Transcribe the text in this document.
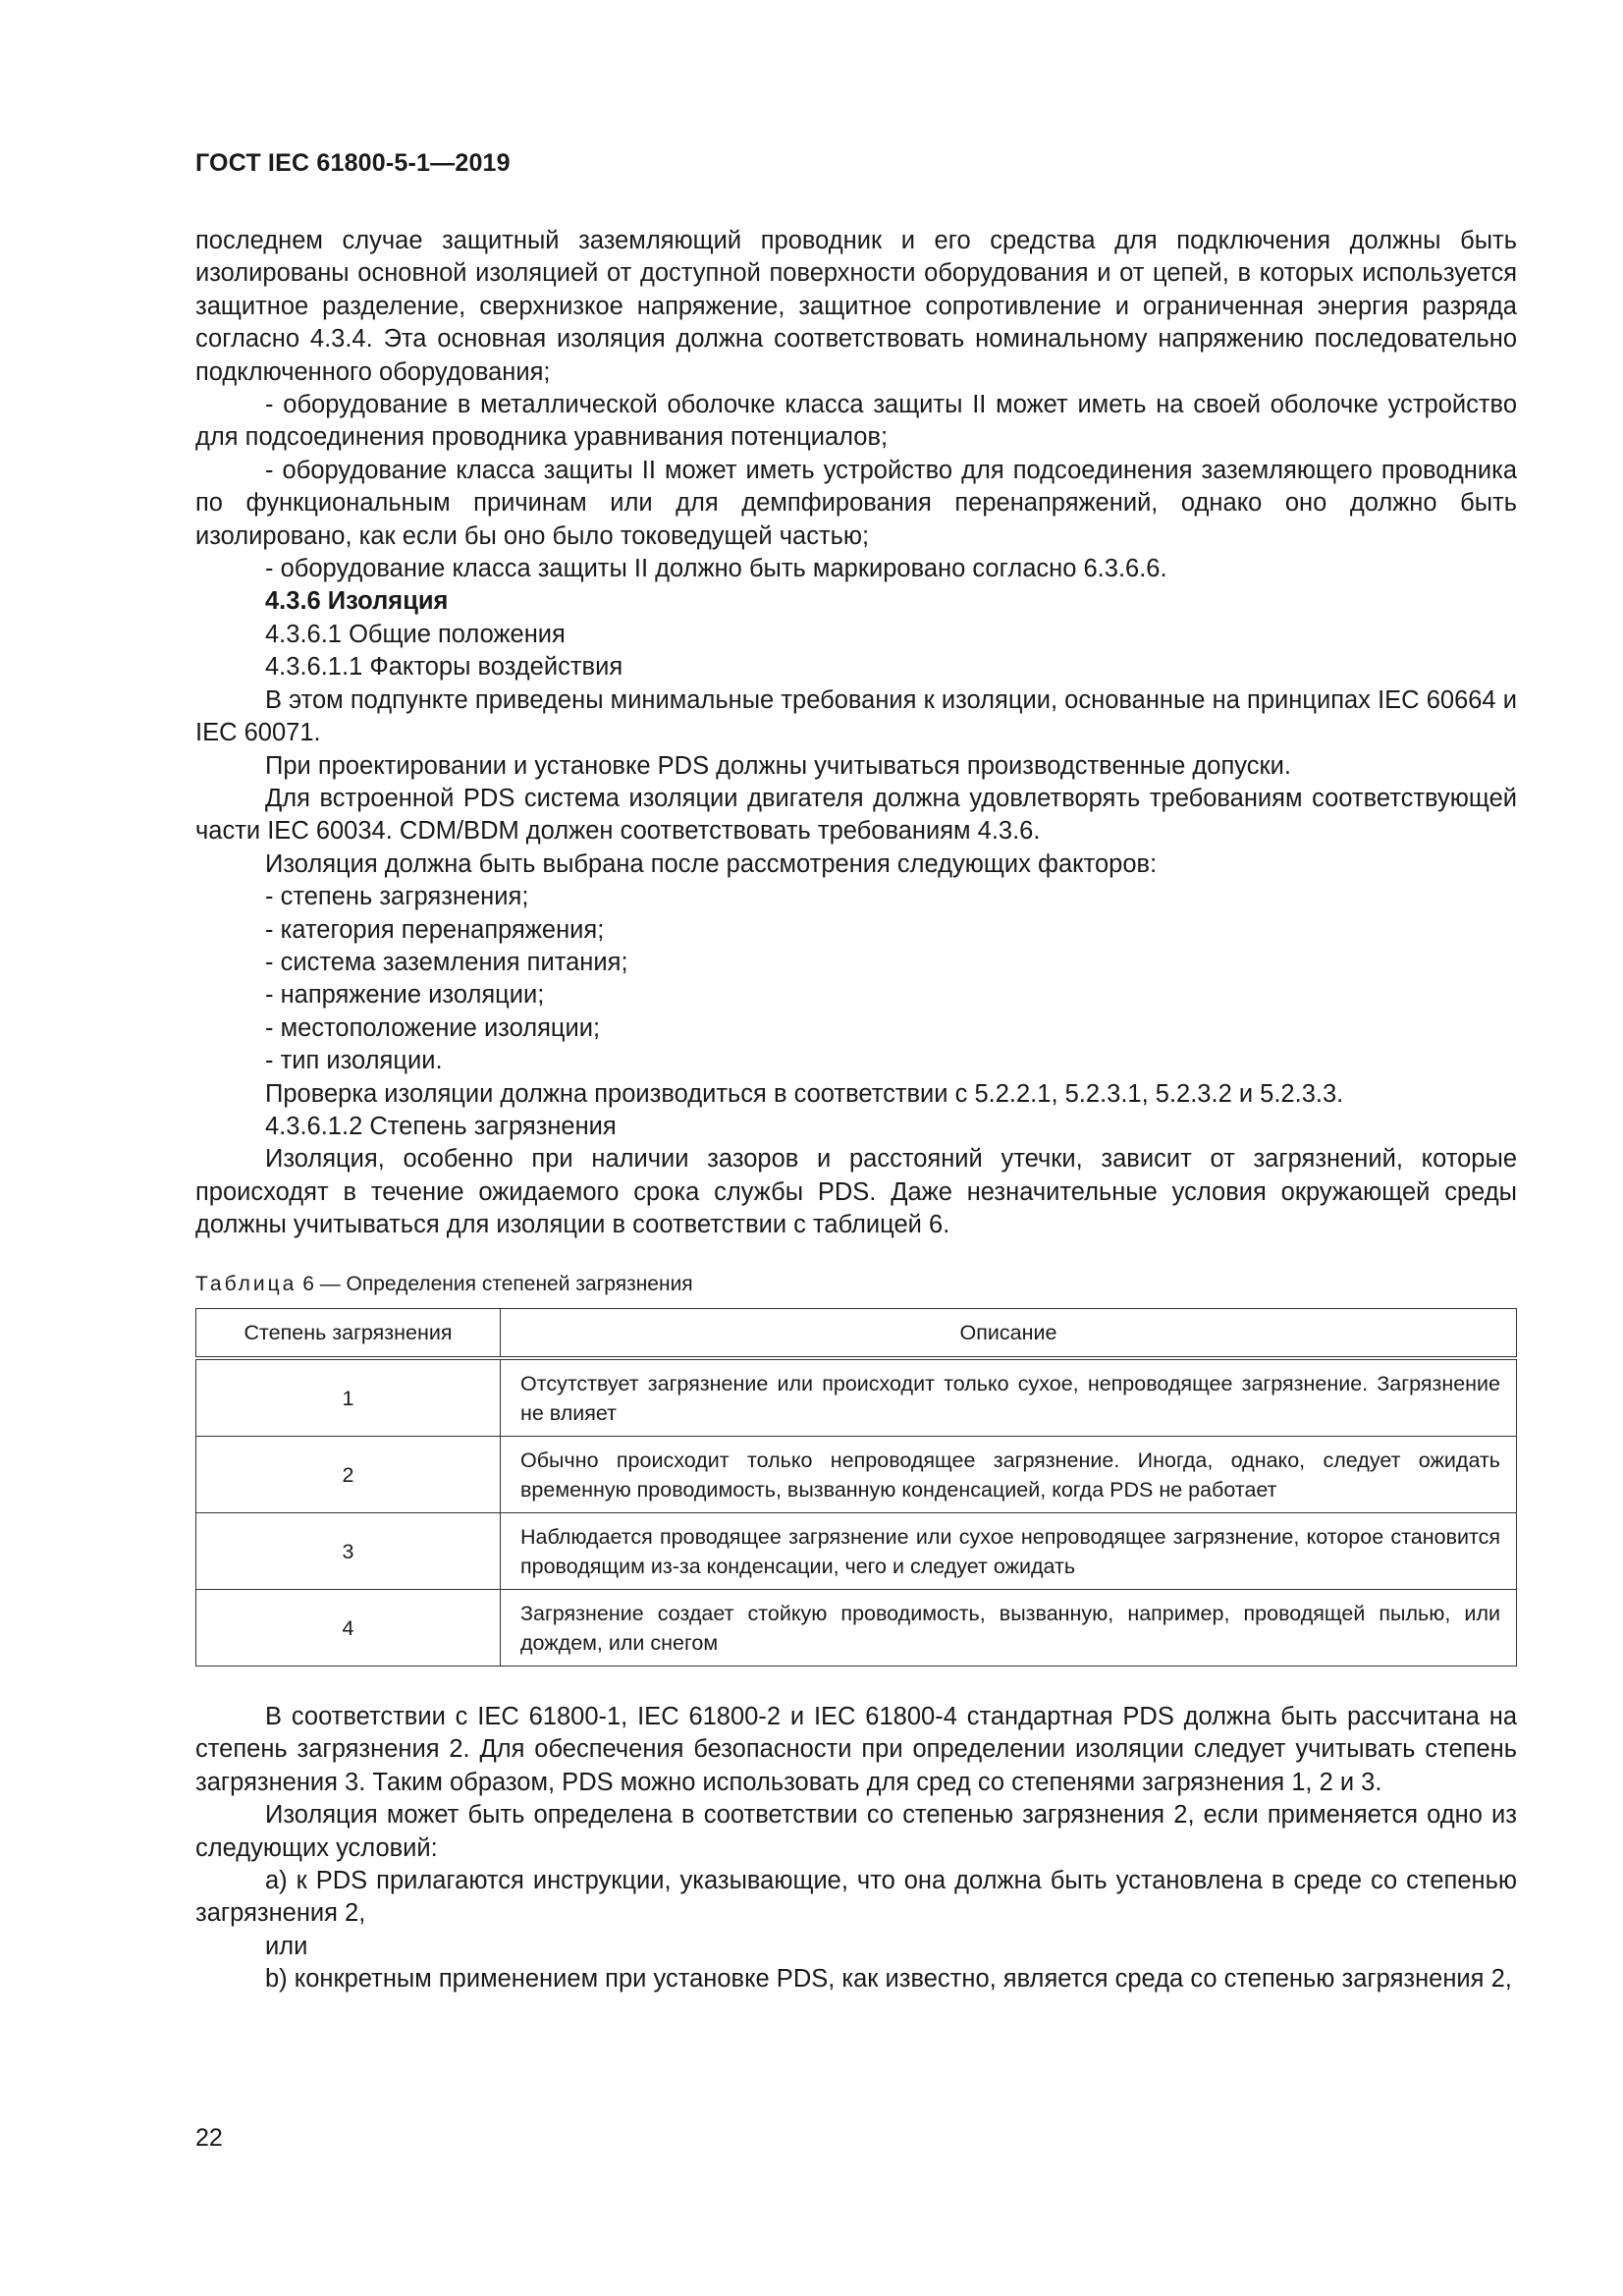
ГОСТ IEC 61800-5-1—2019

последнем случае защитный заземляющий проводник и его средства для подключения должны быть изолированы основной изоляцией от доступной поверхности оборудования и от цепей, в которых используется защитное разделение, сверхнизкое напряжение, защитное сопротивление и ограниченная энергия разряда согласно 4.3.4. Эта основная изоляция должна соответствовать номинальному напряжению последовательно подключенного оборудования;

- оборудование в металлической оболочке класса защиты II может иметь на своей оболочке устройство для подсоединения проводника уравнивания потенциалов;

- оборудование класса защиты II может иметь устройство для подсоединения заземляющего проводника по функциональным причинам или для демпфирования перенапряжений, однако оно должно быть изолировано, как если бы оно было токоведущей частью;

- оборудование класса защиты II должно быть маркировано согласно 6.3.6.6.

4.3.6 Изоляция

4.3.6.1 Общие положения

4.3.6.1.1 Факторы воздействия

В этом подпункте приведены минимальные требования к изоляции, основанные на принципах IEC 60664 и IEC 60071.

При проектировании и установке PDS должны учитываться производственные допуски.

Для встроенной PDS система изоляции двигателя должна удовлетворять требованиям соответствующей части IEC 60034. CDM/BDM должен соответствовать требованиям 4.3.6.

Изоляция должна быть выбрана после рассмотрения следующих факторов:

- степень загрязнения;

- категория перенапряжения;

- система заземления питания;

- напряжение изоляции;

- местоположение изоляции;

- тип изоляции.

Проверка изоляции должна производиться в соответствии с 5.2.2.1, 5.2.3.1, 5.2.3.2 и 5.2.3.3.

4.3.6.1.2 Степень загрязнения

Изоляция, особенно при наличии зазоров и расстояний утечки, зависит от загрязнений, которые происходят в течение ожидаемого срока службы PDS. Даже незначительные условия окружающей среды должны учитываться для изоляции в соответствии с таблицей 6.

Таблица 6 — Определения степеней загрязнения
Степень загрязнения	Описание
1	Отсутствует загрязнение или происходит только сухое, непроводящее загрязнение. Загрязнение не влияет
2	Обычно происходит только непроводящее загрязнение. Иногда, однако, следует ожидать временную проводимость, вызванную конденсацией, когда PDS не работает
3	Наблюдается проводящее загрязнение или сухое непроводящее загрязнение, которое становится проводящим из-за конденсации, чего и следует ожидать
4	Загрязнение создает стойкую проводимость, вызванную, например, проводящей пылью, или дождем, или снегом

В соответствии с IEC 61800-1, IEC 61800-2 и IEC 61800-4 стандартная PDS должна быть рассчитана на степень загрязнения 2. Для обеспечения безопасности при определении изоляции следует учитывать степень загрязнения 3. Таким образом, PDS можно использовать для сред со степенями загрязнения 1, 2 и 3.

Изоляция может быть определена в соответствии со степенью загрязнения 2, если применяется одно из следующих условий:

a) к PDS прилагаются инструкции, указывающие, что она должна быть установлена в среде со степенью загрязнения 2,

или

b) конкретным применением при установке PDS, как известно, является среда со степенью загрязнения 2,

22
